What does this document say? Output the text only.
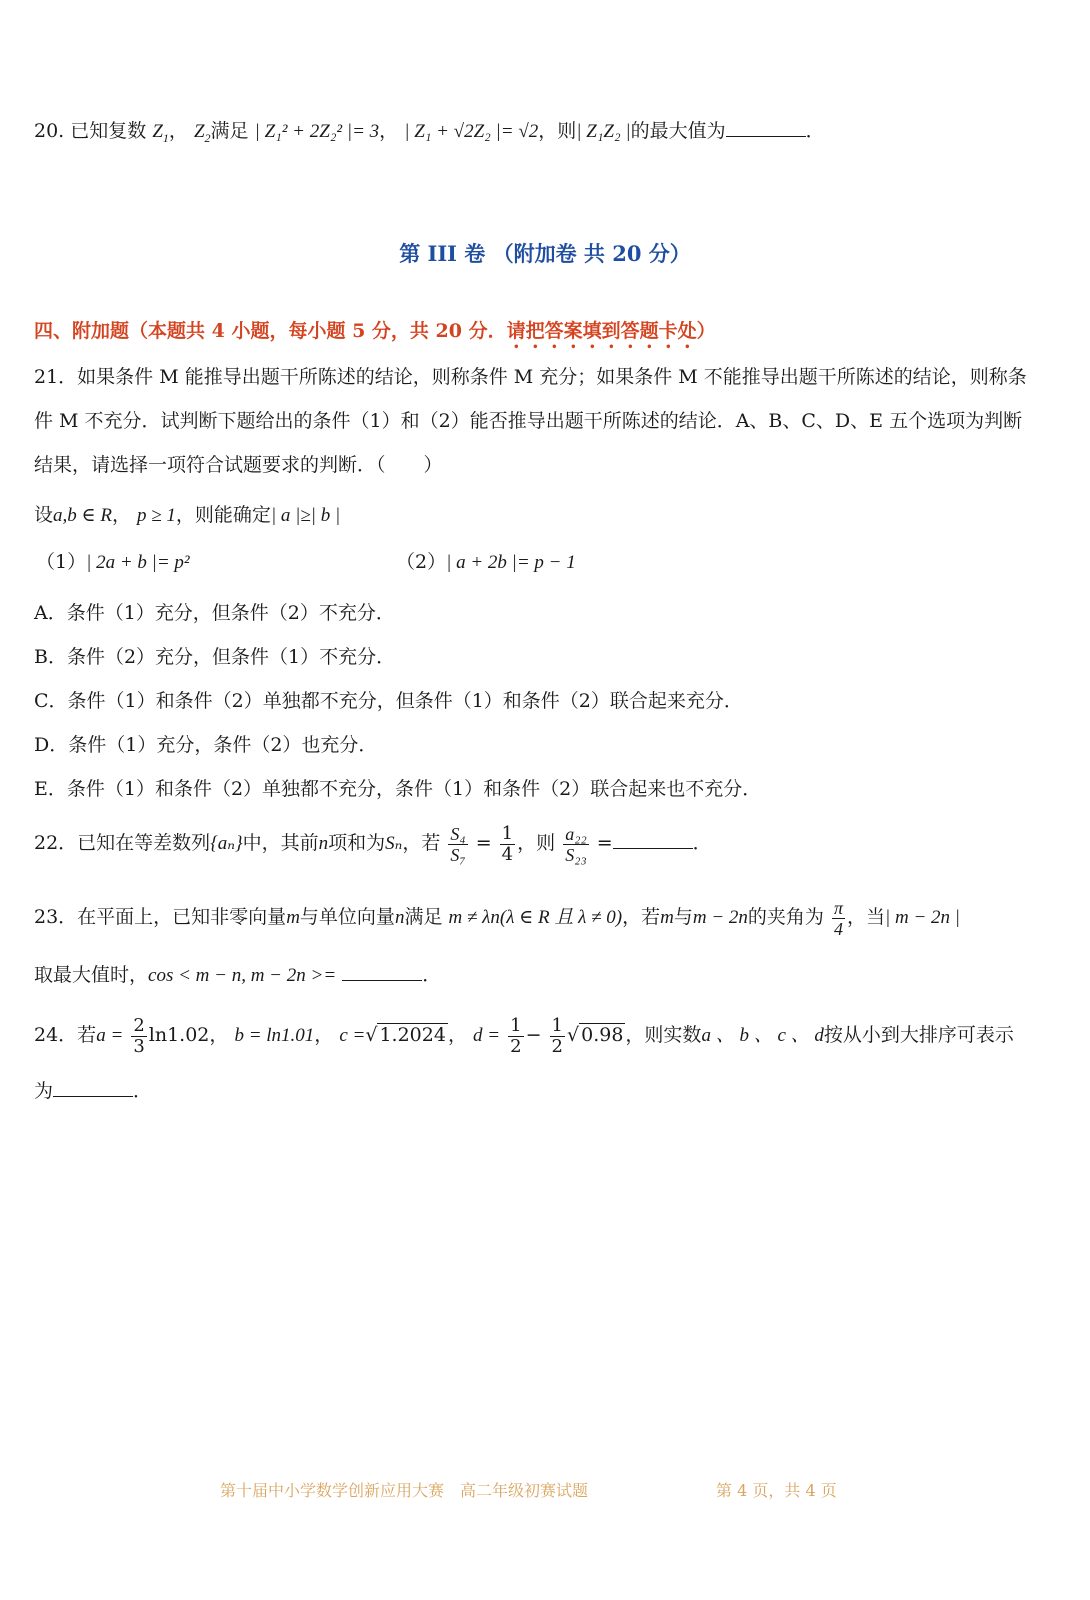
20. 已知复数 $Z_1$， $Z_2$满足 | Z₁² + 2Z₂² |= 3， | Z₁ + √2Z₂ |= √2，则| Z₁Z₂ |的最大值为	．
第 III 卷 （附加卷 共 20 分）
四、附加题（本题共 4 小题，每小题 5 分，共 20 分．请把答案填到答题卡处）
21．如果条件 M 能推导出题干所陈述的结论，则称条件 M 充分；如果条件 M 不能推导出题干所陈述的结论，则称条
件 M 不充分．试判断下题给出的条件（1）和（2）能否推导出题干所陈述的结论．A、B、C、D、E 五个选项为判断
结果，请选择一项符合试题要求的判断．（　　）
设a,b ∈ R， p ≥ 1，则能确定| a |≥| b |
（1）| 2a + b |= p²	（2）| a + 2b |= p − 1
A．条件（1）充分，但条件（2）不充分．
B．条件（2）充分，但条件（1）不充分．
C．条件（1）和条件（2）单独都不充分，但条件（1）和条件（2）联合起来充分．
D．条件（1）充分，条件（2）也充分．
E．条件（1）和条件（2）单独都不充分，条件（1）和条件（2）联合起来也不充分．
22．已知在等差数列{aₙ}中，其前n项和为Sₙ，若 $\frac{\text{S₄}}{\text{S₇}} = \frac{1}{4}$ ，则 $\frac{\text{a₂₂}}{\text{S₂₃}}$ =	．
23．在平面上，已知非零向量m与单位向量n满足 m ≠ λn(λ ∈ R 且 λ ≠ 0)，若m与m − 2n的夹角为 $\frac{\pi}{4}$ ，当| m − 2n |
取最大值时，cos < m − n, m − 2n >=	．
24．若$a = \frac{2}{3} \ln 1.02$， b = ln1.01， c =√ 1.2024 ， $d = \frac{1}{2} - \frac{1}{2}$ √ 0.98 ，则实数a 、 b 、 c 、 d按从小到大排序可表示
为	．
第十届中小学数学创新应用大赛　高二年级初赛试题	第 4 页，共 4 页
